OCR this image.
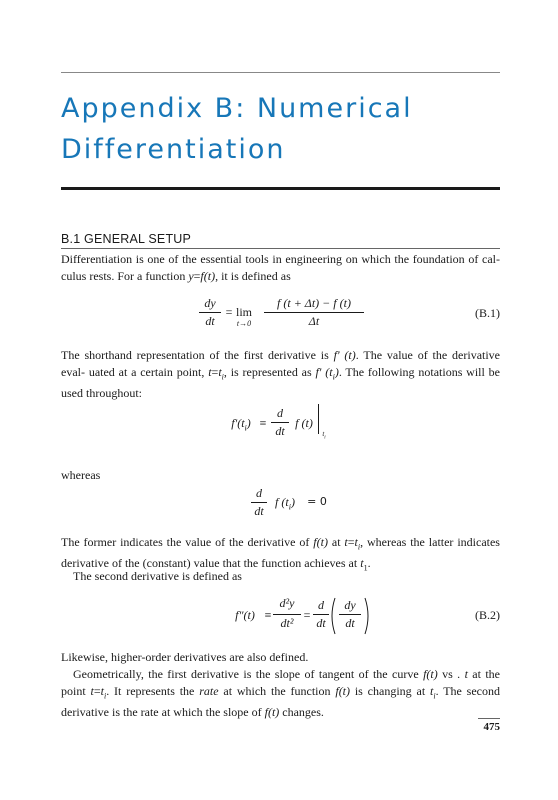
Appendix B: Numerical
Differentiation
B.1 GENERAL SETUP

Differentiation is one of the essential tools in engineering on which the foundation of cal- culus rests. For a function y=f(t), it is defined as

dy
dt
= lim
t→0
f (t + Δt) − f (t)
Δt
(B.1)

The shorthand representation of the first derivative is f′ (t). The value of the derivative eval- uated at a certain point, $t=t_i$, is represented as f′ $(t_i)$. The following notations will be used throughout:

$f'(t_i)$ ≡
d
dt
f (t)
$t_i$

whereas

d
dt
f $(t_i)$	= 0

The former indicates the value of the derivative of f(t) at $t=t_i$, whereas the latter indicates derivative of the (constant) value that the function achieves at $t_1$.

The second derivative is defined as

f″(t) ≡
d²y
dt²
=
d
dt
dy
dt
(B.2)

Likewise, higher-order derivatives are also defined.

Geometrically, the first derivative is the slope of tangent of the curve f(t) vs . t at the point $t=t_i$. It represents the rate at which the function f(t) is changing at $t_i$. The second derivative is the rate at which the slope of f(t) changes.

475
